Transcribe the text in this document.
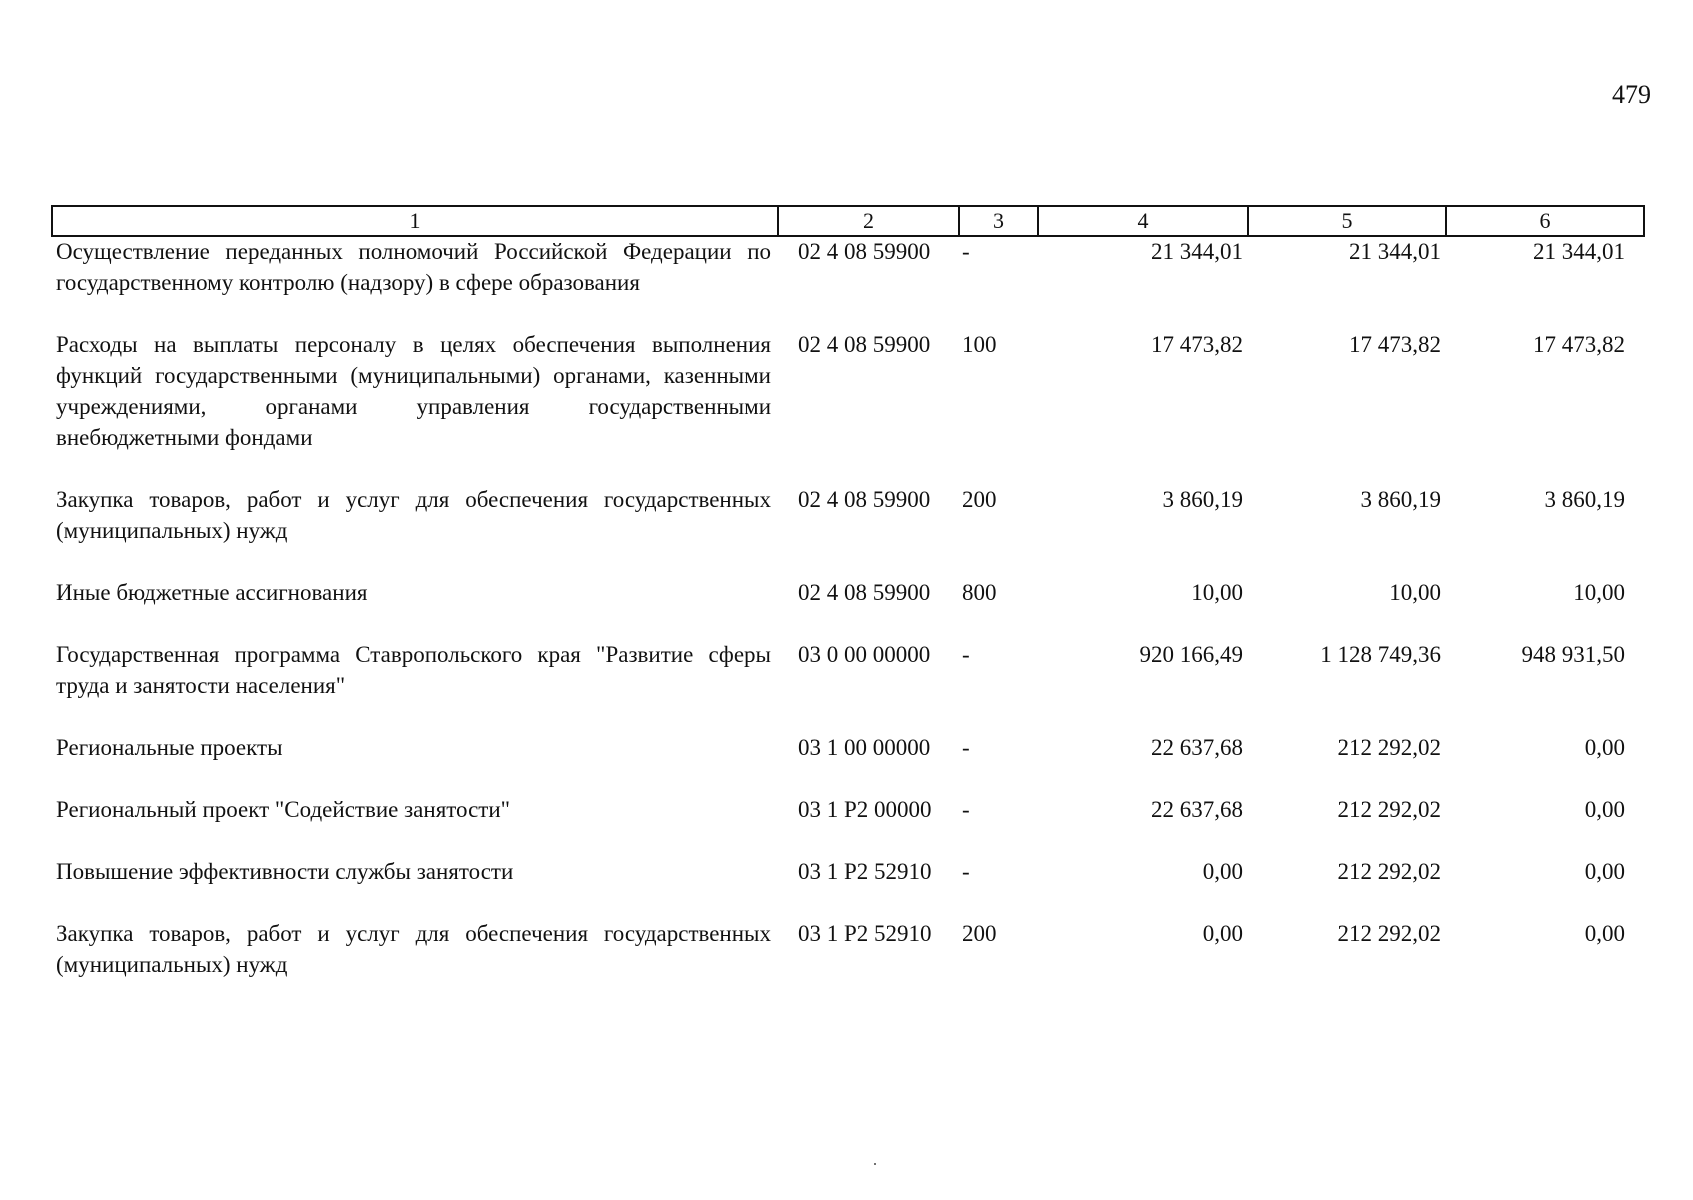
479
1	2	3	4	5	6
Осуществление переданных полномочий Российской Федерации по государственному контролю (надзору) в сфере образования	02 4 08 59900	-	21 344,01	21 344,01	21 344,01

Расходы на выплаты персоналу в целях обеспечения выполнения функций государственными (муниципальными) органами, казенными учреждениями, органами управления государственными внебюджетными фондами	02 4 08 59900	100	17 473,82	17 473,82	17 473,82

Закупка товаров, работ и услуг для обеспечения государственных (муниципальных) нужд	02 4 08 59900	200	3 860,19	3 860,19	3 860,19

Иные бюджетные ассигнования	02 4 08 59900	800	10,00	10,00	10,00

Государственная программа Ставропольского края "Развитие сферы труда и занятости населения"	03 0 00 00000	-	920 166,49	1 128 749,36	948 931,50

Региональные проекты	03 1 00 00000	-	22 637,68	212 292,02	0,00

Региональный проект "Содействие занятости"	03 1 P2 00000	-	22 637,68	212 292,02	0,00

Повышение эффективности службы занятости	03 1 P2 52910	-	0,00	212 292,02	0,00

Закупка товаров, работ и услуг для обеспечения государственных (муниципальных) нужд	03 1 P2 52910	200	0,00	212 292,02	0,00
